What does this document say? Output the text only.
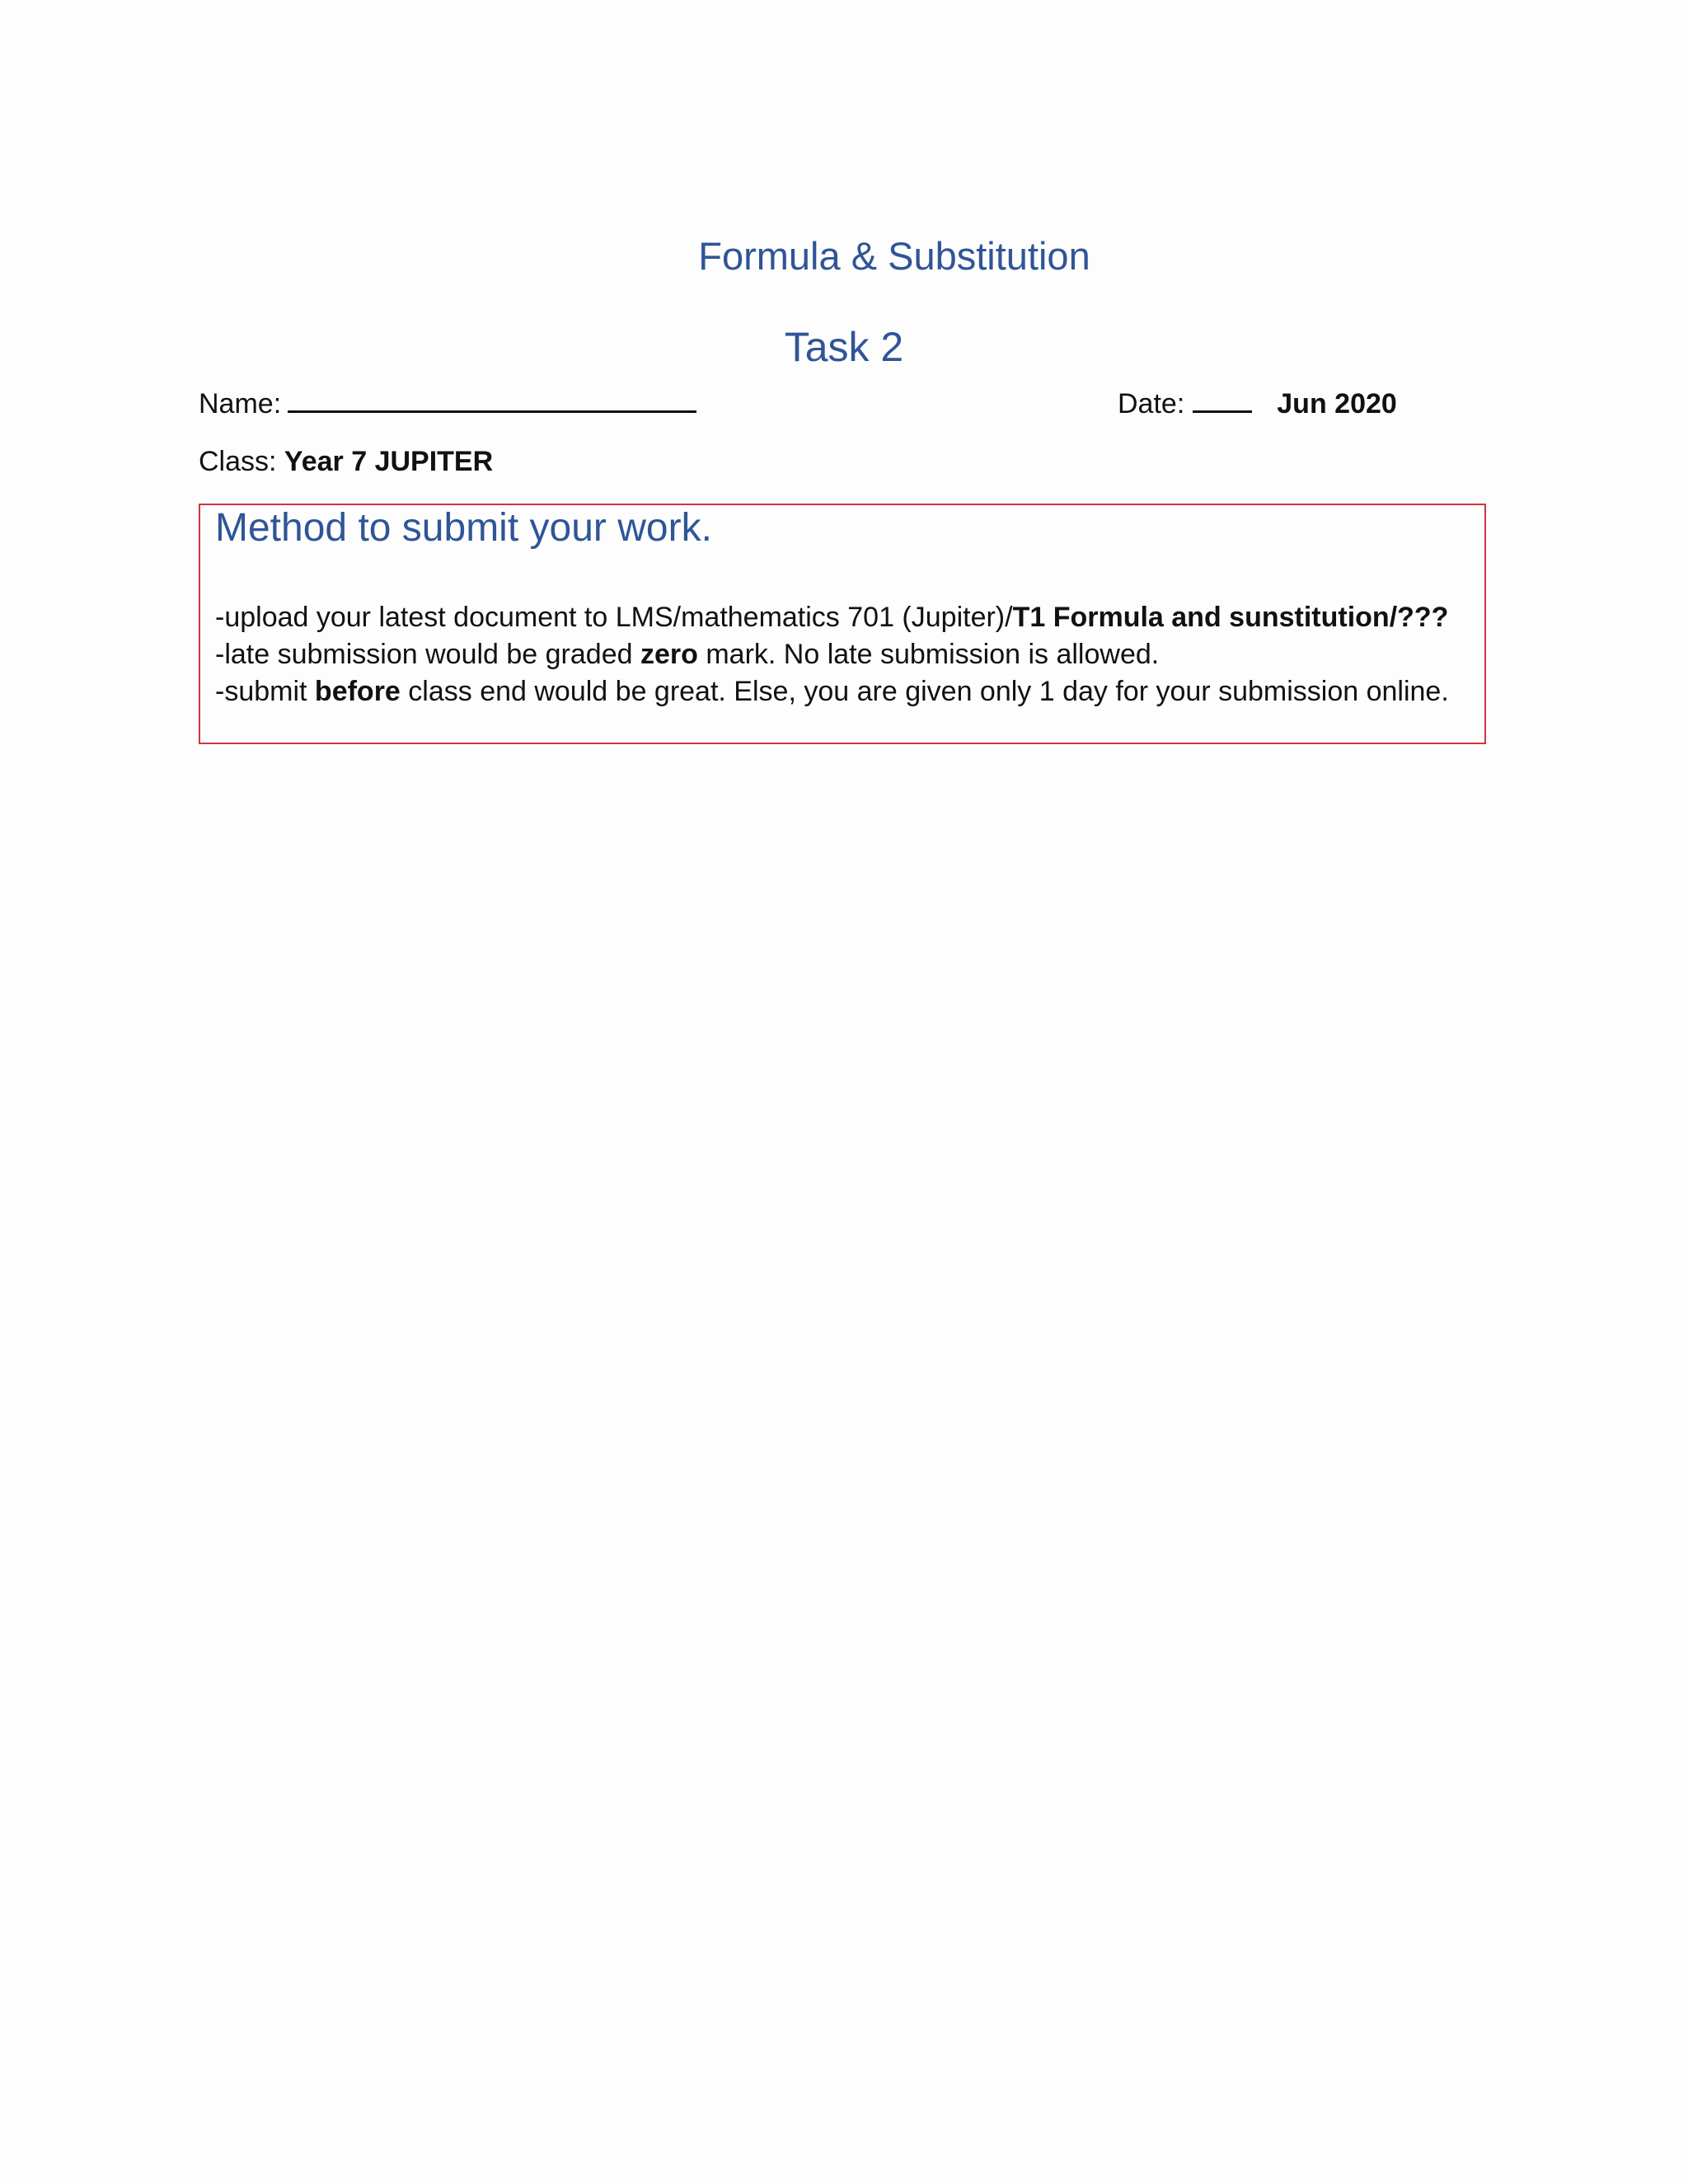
Formula & Substitution
Task 2
Name:	Date:	Jun 2020
Class: Year 7 JUPITER
Method to submit your work.
-upload your latest document to LMS/mathematics 701 (Jupiter)/T1 Formula and sunstitution/???
-late submission would be graded zero mark. No late submission is allowed.
-submit before class end would be great. Else, you are given only 1 day for your submission online.
